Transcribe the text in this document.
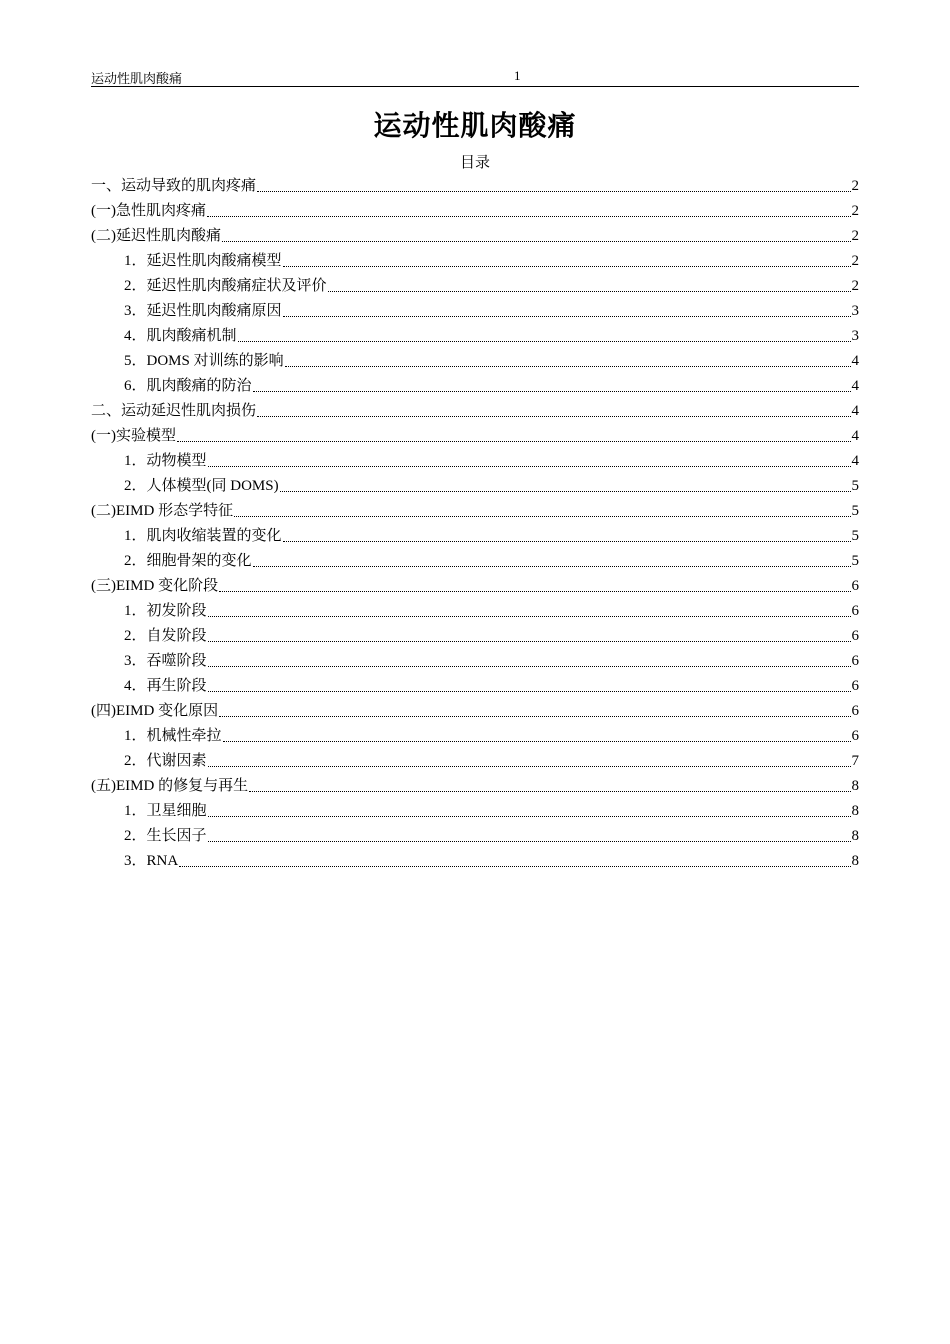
运动性肌肉酸痛	1
运动性肌肉酸痛
目录
一、运动导致的肌肉疼痛	2
(一)急性肌肉疼痛	2
(二)延迟性肌肉酸痛	2
1．延迟性肌肉酸痛模型	2
2．延迟性肌肉酸痛症状及评价	2
3．延迟性肌肉酸痛原因	3
4．肌肉酸痛机制	3
5．DOMS 对训练的影响	4
6．肌肉酸痛的防治	4
二、运动延迟性肌肉损伤	4
(一)实验模型	4
1．动物模型	4
2．人体模型(同 DOMS)	5
(二)EIMD 形态学特征	5
1．肌肉收缩装置的变化	5
2．细胞骨架的变化	5
(三)EIMD 变化阶段	6
1．初发阶段	6
2．自发阶段	6
3．吞噬阶段	6
4．再生阶段	6
(四)EIMD 变化原因	6
1．机械性牵拉	6
2．代谢因素	7
(五)EIMD 的修复与再生	8
1．卫星细胞	8
2．生长因子	8
3．RNA	8
